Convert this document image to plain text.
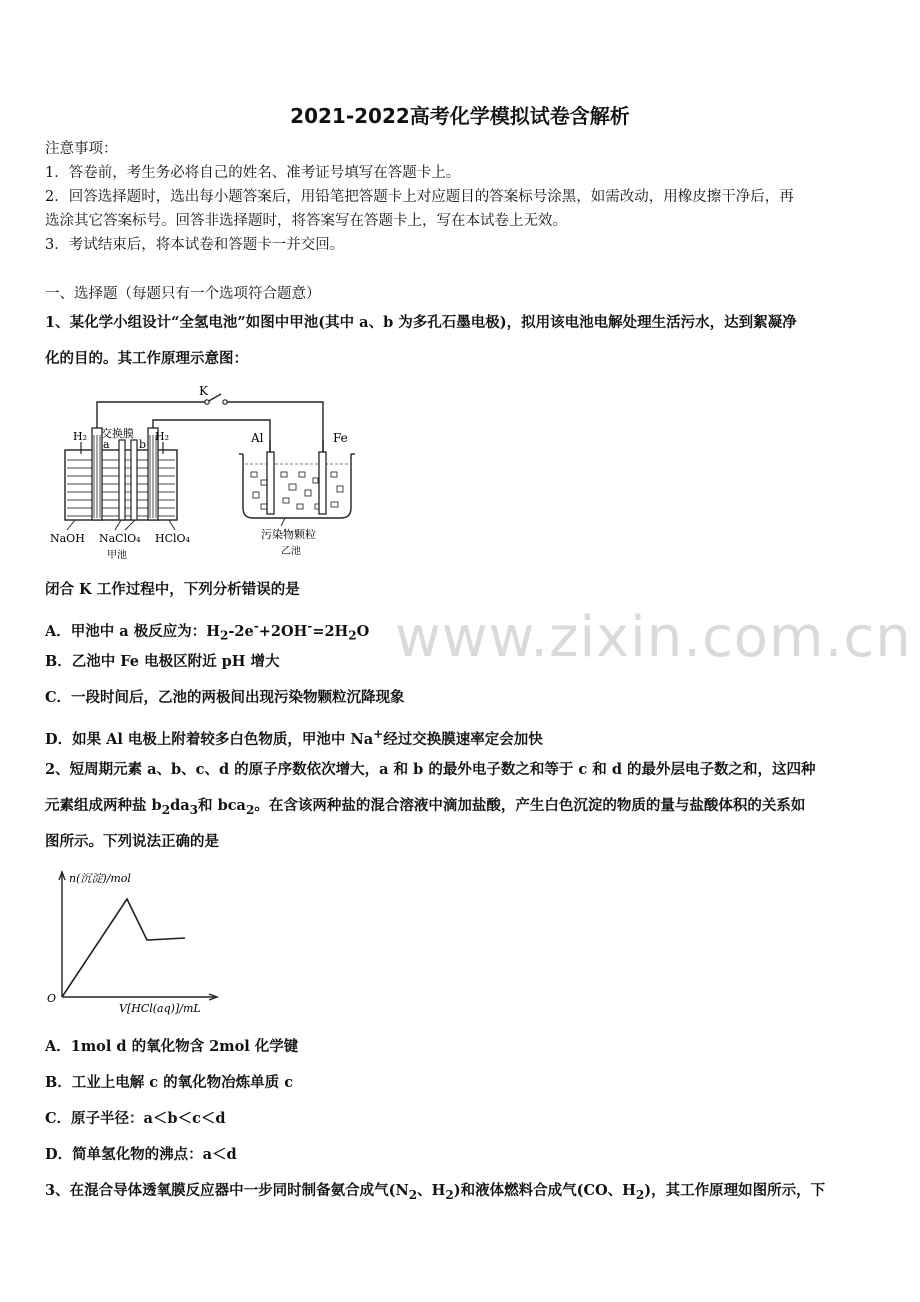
2021-2022高考化学模拟试卷含解析
注意事项：
1．答卷前，考生务必将自己的姓名、准考证号填写在答题卡上。
2．回答选择题时，选出每小题答案后，用铅笔把答题卡上对应题目的答案标号涂黑，如需改动，用橡皮擦干净后，再
选涂其它答案标号。回答非选择题时，将答案写在答题卡上，写在本试卷上无效。
3．考试结束后，将本试卷和答题卡一并交回。
一、选择题（每题只有一个选项符合题意）
1、某化学小组设计“全氢电池”如图中甲池(其中 a、b 为多孔石墨电极)，拟用该电池电解处理生活污水，达到絮凝净
化的目的。其工作原理示意图：
K
H₂ 交换膜
a	b
H₂
NaOH NaClO₄ HClO₄
甲池
Al	Fe
污染物颗粒
乙池
闭合 K 工作过程中，下列分析错误的是
A．甲池中 a 极反应为：$H_2-2e^-+2OH^-=2H_2O$
B．乙池中 Fe 电极区附近 pH 增大
C．一段时间后，乙池的两极间出现污染物颗粒沉降现象
D．如果 Al 电极上附着较多白色物质，甲池中 Na+经过交换膜速率定会加快
2、短周期元素 a、b、c、d 的原子序数依次增大，a 和 b 的最外电子数之和等于 c 和 d 的最外层电子数之和，这四种
元素组成两种盐 $b_2da_3$和 bca$_2$。在含该两种盐的混合溶液中滴加盐酸，产生白色沉淀的物质的量与盐酸体积的关系如
图所示。下列说法正确的是
n(沉淀)/mol
O
V[HCl(aq)]/mL
A．1mol d 的氧化物含 2mol 化学键
B．工业上电解 c 的氧化物冶炼单质 c
C．原子半径：a＜b＜c＜d
D．简单氢化物的沸点：a＜d
3、在混合导体透氧膜反应器中一步同时制备氨合成气($N_2$、$H_2$)和液体燃料合成气(CO、$H_2$)，其工作原理如图所示，下
www.zixin.com.cn
